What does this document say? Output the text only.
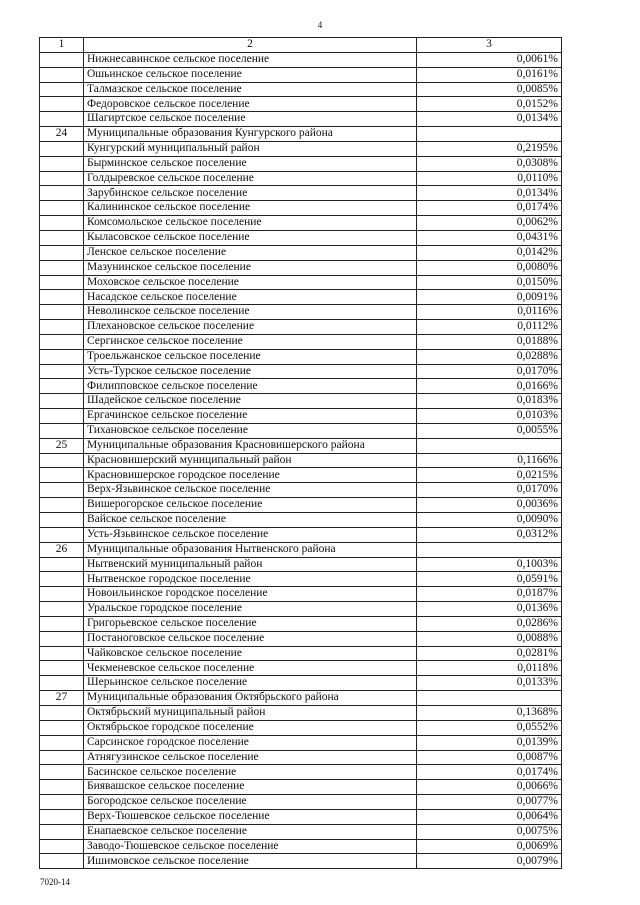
4
1	2	3
	Нижнесавинское сельское поселение	0,0061%
	Ошьинское сельское поселение	0,0161%
	Талмазское сельское поселение	0,0085%
	Федоровское сельское поселение	0,0152%
	Шагиртское сельское поселение	0,0134%
24	Муниципальные образования Кунгурского района	
	Кунгурский муниципальный район	0,2195%
	Бырминское сельское поселение	0,0308%
	Голдыревское сельское поселение	0,0110%
	Зарубинское сельское поселение	0,0134%
	Калининское сельское поселение	0,0174%
	Комсомольское сельское поселение	0,0062%
	Кыласовское сельское поселение	0,0431%
	Ленское сельское поселение	0,0142%
	Мазунинское сельское поселение	0,0080%
	Моховское сельское поселение	0,0150%
	Насадское сельское поселение	0,0091%
	Неволинское сельское поселение	0,0116%
	Плехановское сельское поселение	0,0112%
	Сергинское сельское поселение	0,0188%
	Троельжанское сельское поселение	0,0288%
	Усть-Турское сельское поселение	0,0170%
	Филипповское сельское поселение	0,0166%
	Шадейское сельское поселение	0,0183%
	Ергачинское сельское поселение	0,0103%
	Тихановское сельское поселение	0,0055%
25	Муниципальные образования Красновишерского района	
	Красновишерский муниципальный район	0,1166%
	Красновишерское городское поселение	0,0215%
	Верх-Язьвинское сельское поселение	0,0170%
	Вишерогорское сельское поселение	0,0036%
	Вайское сельское поселение	0,0090%
	Усть-Язьвинское сельское поселение	0,0312%
26	Муниципальные образования Нытвенского района	
	Нытвенский муниципальный район	0,1003%
	Нытвенское городское поселение	0,0591%
	Новоильинское городское поселение	0,0187%
	Уральское городское поселение	0,0136%
	Григорьевское сельское поселение	0,0286%
	Постаноговское сельское поселение	0,0088%
	Чайковское сельское поселение	0,0281%
	Чекменевское сельское поселение	0,0118%
	Шерьинское сельское поселение	0,0133%
27	Муниципальные образования Октябрьского района	
	Октябрьский муниципальный район	0,1368%
	Октябрьское городское поселение	0,0552%
	Сарсинское городское поселение	0,0139%
	Атнягузинское сельское поселение	0,0087%
	Басинское сельское поселение	0,0174%
	Биявашское сельское поселение	0,0066%
	Богородское сельское поселение	0,0077%
	Верх-Тюшевское сельское поселение	0,0064%
	Енапаевское сельское поселение	0,0075%
	Заводо-Тюшевское сельское поселение	0,0069%
	Ишимовское сельское поселение	0,0079%
7020-14
